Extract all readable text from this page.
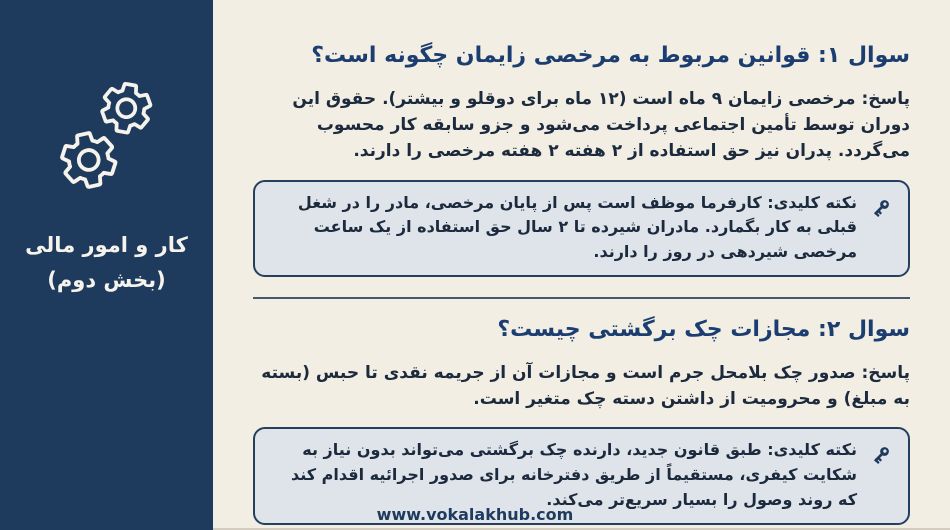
کار و امور مالی
(بخش دوم)
سوال ۱: قوانین مربوط به مرخصی زایمان چگونه است؟

پاسخ: مرخصی زایمان ۹ ماه است (۱۲ ماه برای دوقلو و بیشتر). حقوق این دوران توسط تأمین اجتماعی پرداخت می‌شود و جزو سابقه کار محسوب می‌گردد. پدران نیز حق استفاده از ۲ هفته ۲ هفته مرخصی را دارند.

نکته کلیدی: کارفرما موظف است پس از پایان مرخصی، مادر را در شغل قبلی به کار بگمارد. مادران شیرده تا ۲ سال حق استفاده از یک ساعت مرخصی شیردهی در روز را دارند.

سوال ۲: مجازات چک برگشتی چیست؟

پاسخ: صدور چک بلامحل جرم است و مجازات آن از جریمه نقدی تا حبس (بسته به مبلغ) و محرومیت از داشتن دسته چک متغیر است.

نکته کلیدی: طبق قانون جدید، دارنده چک برگشتی می‌تواند بدون نیاز به شکایت کیفری، مستقیماً از طریق دفترخانه برای صدور اجرائیه اقدام کند که روند وصول را بسیار سریع‌تر می‌کند.

www.vokalakhub.com
